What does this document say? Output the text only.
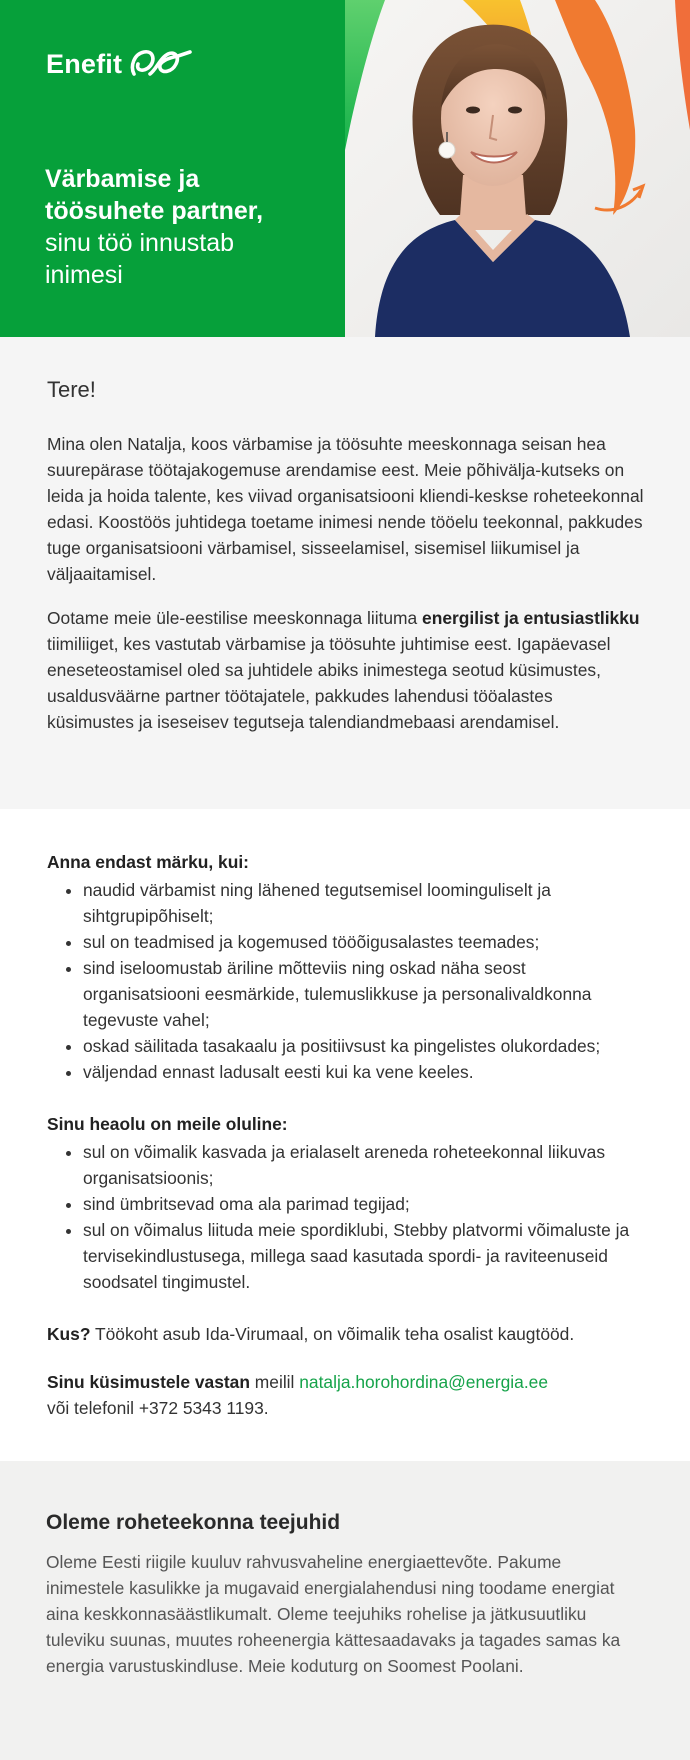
Enefit
Värbamise ja
töösuhete partner,
sinu töö innustab
inimesi

Tere!

Mina olen Natalja, koos värbamise ja töösuhte meeskonnaga seisan hea suurepärase töötajakogemuse arendamise eest. Meie põhivälja-kutseks on leida ja hoida talente, kes viivad organisatsiooni kliendi-keskse roheteekonnal edasi. Koostöös juhtidega toetame inimesi nende tööelu teekonnal, pakkudes tuge organisatsiooni värbamisel, sisseelamisel, sisemisel liikumisel ja väljaaitamisel.

Ootame meie üle-eestilise meeskonnaga liituma energilist ja entusiastlikku tiimiliiget, kes vastutab värbamise ja töösuhte juhtimise eest. Igapäevasel eneseteostamisel oled sa juhtidele abiks inimestega seotud küsimustes, usaldusväärne partner töötajatele, pakkudes lahendusi tööalastes küsimustes ja iseseisev tegutseja talendiandmebaasi arendamisel.

Anna endast märku, kui:

• naudid värbamist ning lähened tegutsemisel loominguliselt ja sihtgrupipõhiselt;
• sul on teadmised ja kogemused tööõigusalastes teemades;
• sind iseloomustab äriline mõtteviis ning oskad näha seost organisatsiooni eesmärkide, tulemuslikkuse ja personalivaldkonna tegevuste vahel;
• oskad säilitada tasakaalu ja positiivsust ka pingelistes olukordades;
• väljendad ennast ladusalt eesti kui ka vene keeles.

Sinu heaolu on meile oluline:

• sul on võimalik kasvada ja erialaselt areneda roheteekonnal liikuvas organisatsioonis;
• sind ümbritsevad oma ala parimad tegijad;
• sul on võimalus liituda meie spordiklubi, Stebby platvormi võimaluste ja tervisekindlustusega, millega saad kasutada spordi- ja raviteenuseid soodsatel tingimustel.

Kus? Töökoht asub Ida-Virumaal, on võimalik teha osalist kaugtööd.

Sinu küsimustele vastan meilil natalja.horohordina@energia.ee
või telefonil +372 5343 1193.

Oleme roheteekonna teejuhid

Oleme Eesti riigile kuuluv rahvusvaheline energiaettevõte. Pakume inimestele kasulikke ja mugavaid energialahendusi ning toodame energiat aina keskkonnasäästlikumalt. Oleme teejuhiks rohelise ja jätkusuutliku tuleviku suunas, muutes roheenergia kättesaadavaks ja tagades samas ka energia varustuskindluse. Meie koduturg on Soomest Poolani.
